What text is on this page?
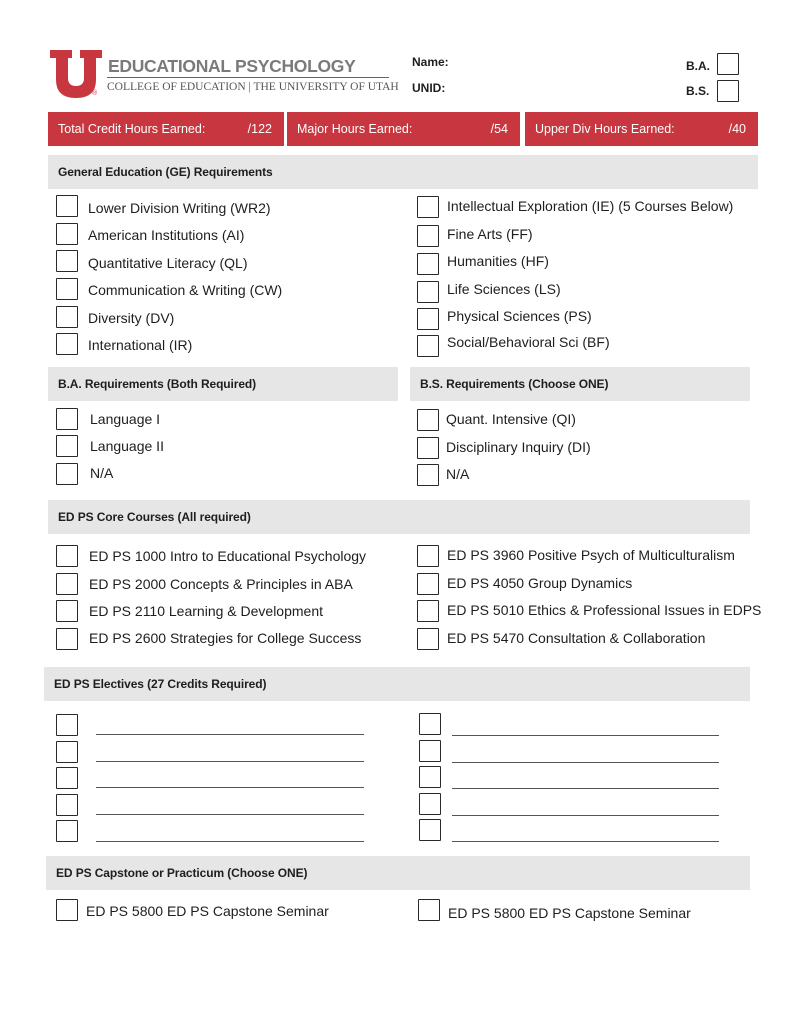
®
EDUCATIONAL PSYCHOLOGY
COLLEGE OF EDUCATION | THE UNIVERSITY OF UTAH
Name:
UNID:
B.A.
B.S.
Total Credit Hours Earned:	/122 Major Hours Earned:	/54 Upper Div Hours Earned:	/40
General Education (GE) Requirements
Lower Division Writing (WR2)
American Institutions (AI)
Quantitative Literacy (QL)
Communication & Writing (CW)
Diversity (DV)
International (IR)
Intellectual Exploration (IE) (5 Courses Below)
Fine Arts (FF)
Humanities (HF)
Life Sciences (LS)
Physical Sciences (PS)
Social/Behavioral Sci (BF)
B.A. Requirements (Both Required)	B.S. Requirements (Choose ONE)
Language I
Language II
N/A
Quant. Intensive (QI)
Disciplinary Inquiry (DI)
N/A
ED PS Core Courses (All required)
ED PS 1000 Intro to Educational Psychology
ED PS 2000 Concepts & Principles in ABA
ED PS 2110 Learning & Development
ED PS 2600 Strategies for College Success
ED PS 3960 Positive Psych of Multiculturalism
ED PS 4050 Group Dynamics
ED PS 5010 Ethics & Professional Issues in EDPS
ED PS 5470 Consultation & Collaboration
ED PS Electives (27 Credits Required)
ED PS Capstone or Practicum (Choose ONE)
ED PS 5800 ED PS Capstone Seminar	ED PS 5800 ED PS Capstone Seminar
